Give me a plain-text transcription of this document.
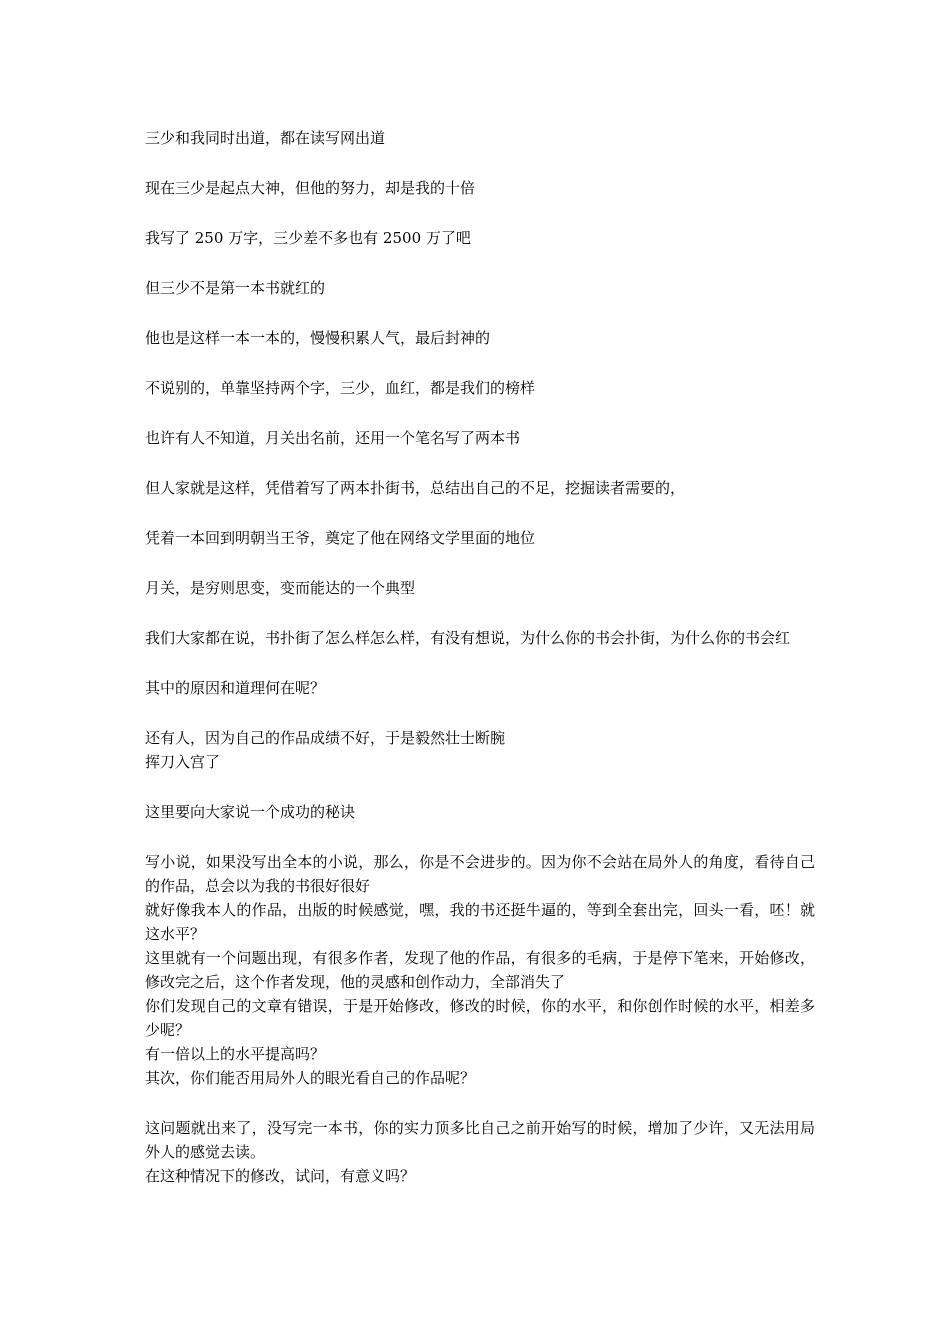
三少和我同时出道，都在读写网出道

现在三少是起点大神，但他的努力，却是我的十倍

我写了 250 万字，三少差不多也有 2500 万了吧

但三少不是第一本书就红的

他也是这样一本一本的，慢慢积累人气，最后封神的

不说别的，单靠坚持两个字，三少，血红，都是我们的榜样

也许有人不知道，月关出名前，还用一个笔名写了两本书

但人家就是这样，凭借着写了两本扑街书，总结出自己的不足，挖掘读者需要的，

凭着一本回到明朝当王爷，奠定了他在网络文学里面的地位

月关，是穷则思变，变而能达的一个典型

我们大家都在说，书扑街了怎么样怎么样，有没有想说，为什么你的书会扑街，为什么你的书会红

其中的原因和道理何在呢？

还有人，因为自己的作品成绩不好，于是毅然壮士断腕
挥刀入宫了

这里要向大家说一个成功的秘诀

写小说，如果没写出全本的小说，那么，你是不会进步的。因为你不会站在局外人的角度，看待自己的作品，总会以为我的书很好很好
就好像我本人的作品，出版的时候感觉，嘿，我的书还挺牛逼的，等到全套出完，回头一看，呸！就这水平？
这里就有一个问题出现，有很多作者，发现了他的作品，有很多的毛病，于是停下笔来，开始修改，修改完之后，这个作者发现，他的灵感和创作动力，全部消失了
你们发现自己的文章有错误，于是开始修改，修改的时候，你的水平，和你创作时候的水平，相差多少呢？
有一倍以上的水平提高吗？
其次，你们能否用局外人的眼光看自己的作品呢？

这问题就出来了，没写完一本书，你的实力顶多比自己之前开始写的时候，增加了少许，又无法用局外人的感觉去读。
在这种情况下的修改，试问，有意义吗？
